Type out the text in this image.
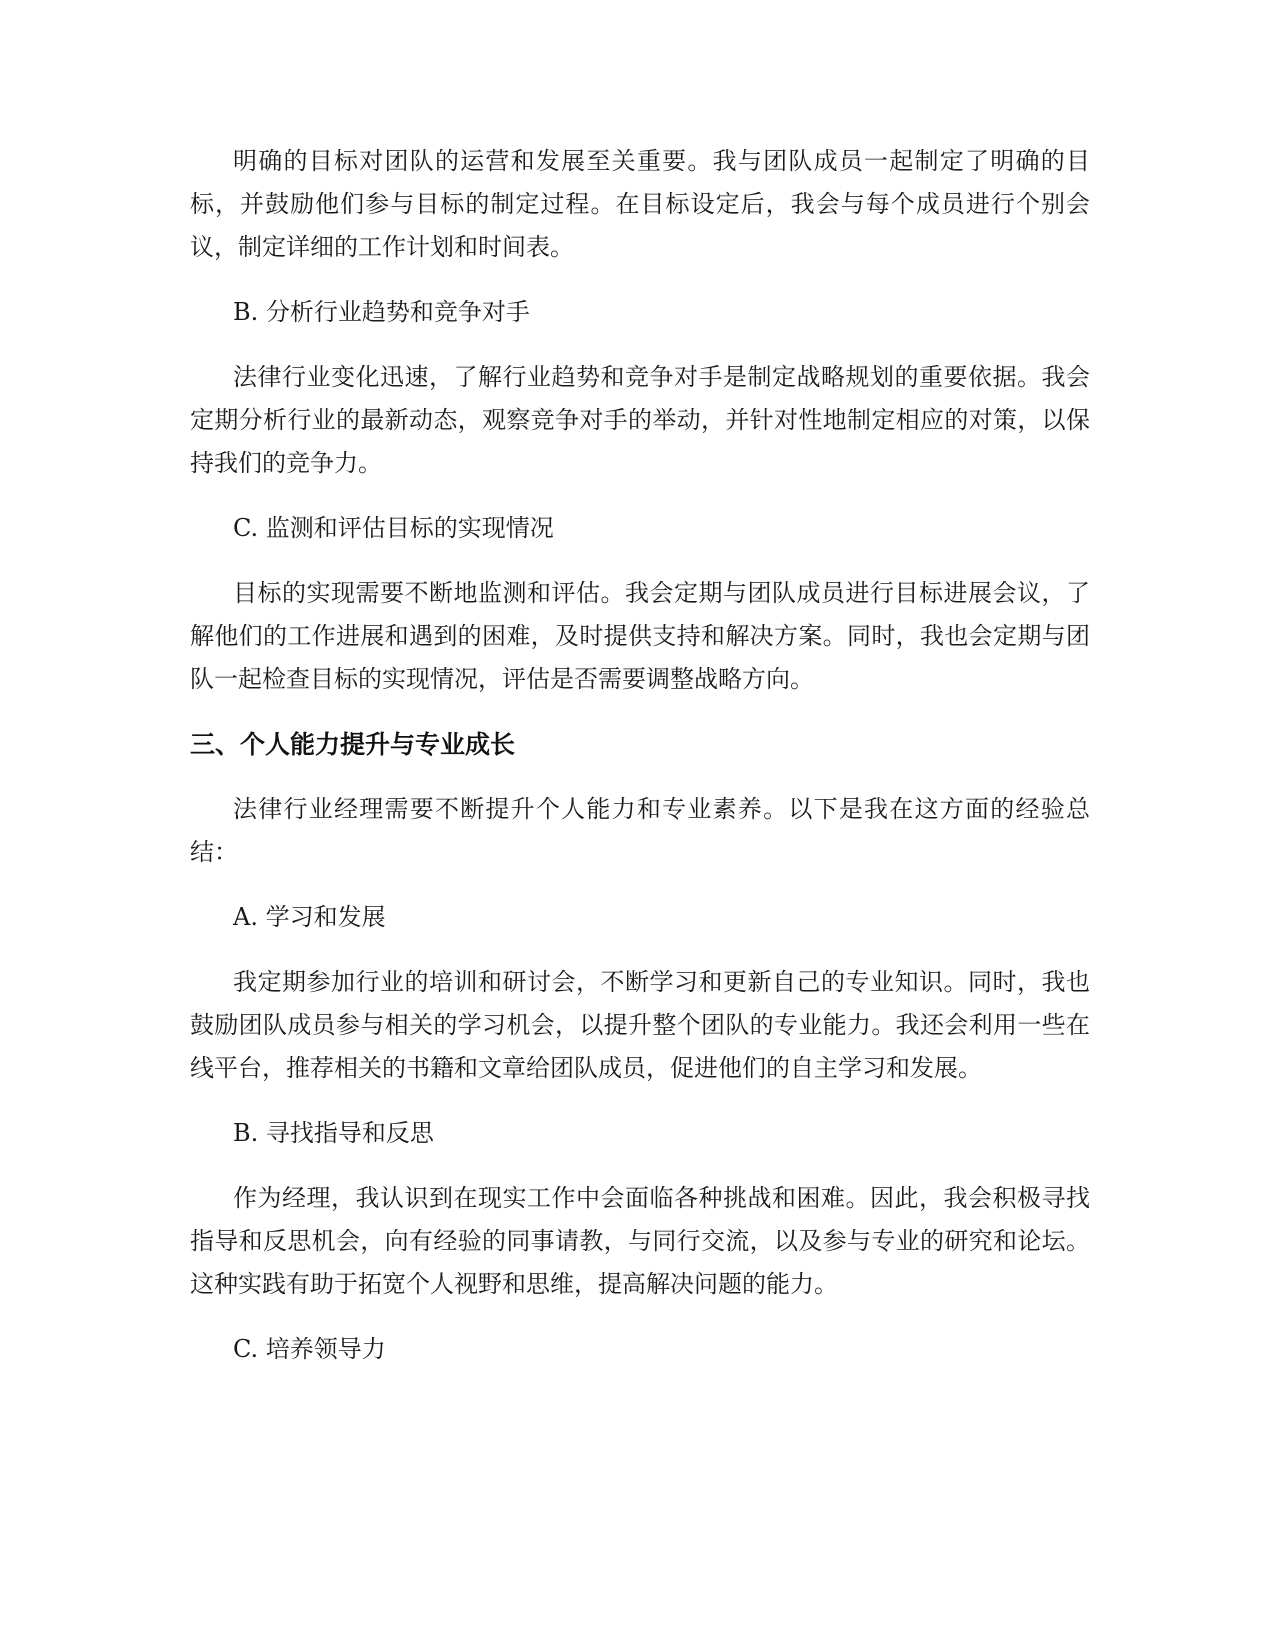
明确的目标对团队的运营和发展至关重要。我与团队成员一起制定了明确的目标，并鼓励他们参与目标的制定过程。在目标设定后，我会与每个成员进行个别会议，制定详细的工作计划和时间表。

B. 分析行业趋势和竞争对手

法律行业变化迅速，了解行业趋势和竞争对手是制定战略规划的重要依据。我会定期分析行业的最新动态，观察竞争对手的举动，并针对性地制定相应的对策，以保持我们的竞争力。

C. 监测和评估目标的实现情况

目标的实现需要不断地监测和评估。我会定期与团队成员进行目标进展会议，了解他们的工作进展和遇到的困难，及时提供支持和解决方案。同时，我也会定期与团队一起检查目标的实现情况，评估是否需要调整战略方向。

三、个人能力提升与专业成长

法律行业经理需要不断提升个人能力和专业素养。以下是我在这方面的经验总结：

A. 学习和发展

我定期参加行业的培训和研讨会，不断学习和更新自己的专业知识。同时，我也鼓励团队成员参与相关的学习机会，以提升整个团队的专业能力。我还会利用一些在线平台，推荐相关的书籍和文章给团队成员，促进他们的自主学习和发展。

B. 寻找指导和反思

作为经理，我认识到在现实工作中会面临各种挑战和困难。因此，我会积极寻找指导和反思机会，向有经验的同事请教，与同行交流，以及参与专业的研究和论坛。这种实践有助于拓宽个人视野和思维，提高解决问题的能力。

C. 培养领导力
